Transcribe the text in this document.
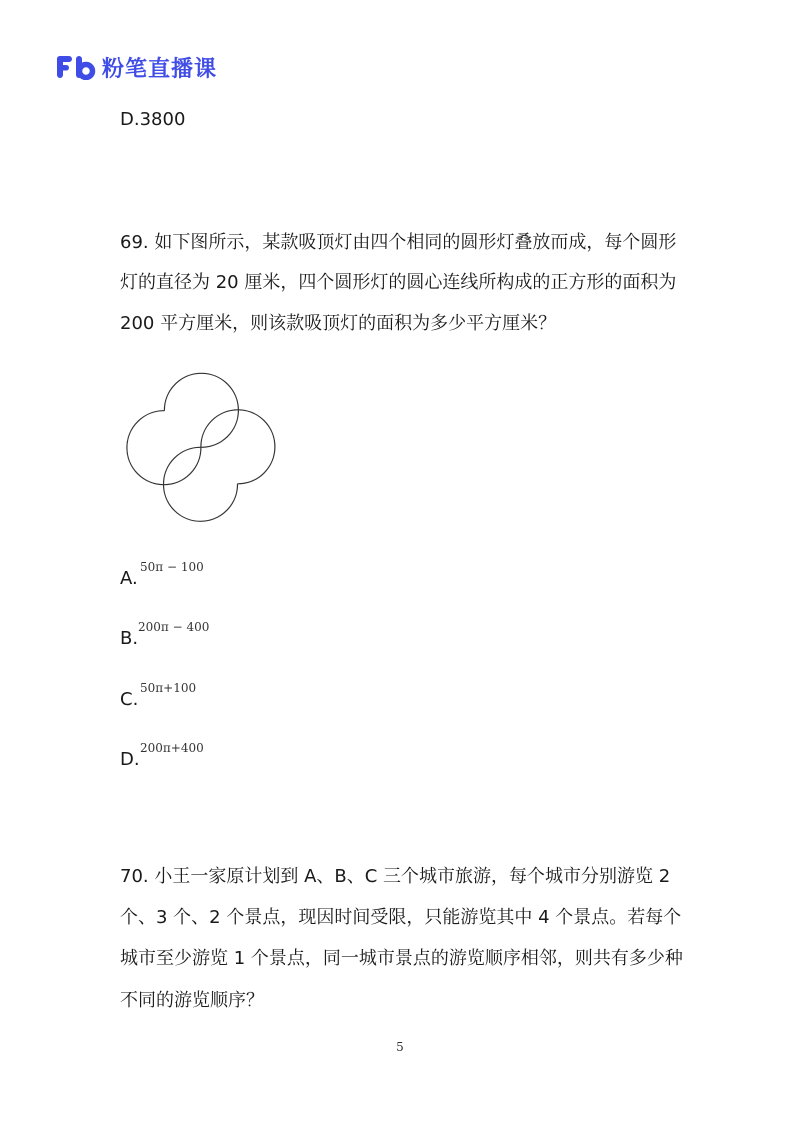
粉笔直播课
D.3800
69. 如下图所示，某款吸顶灯由四个相同的圆形灯叠放而成，每个圆形
灯的直径为 20 厘米，四个圆形灯的圆心连线所构成的正方形的面积为
200 平方厘米，则该款吸顶灯的面积为多少平方厘米？
A.
50π − 100
B.
200π − 400
C.
50π+100
D.
200π+400
70. 小王一家原计划到 A、B、C 三个城市旅游，每个城市分别游览 2
个、3 个、2 个景点，现因时间受限，只能游览其中 4 个景点。若每个
城市至少游览 1 个景点，同一城市景点的游览顺序相邻，则共有多少种
不同的游览顺序？
5
